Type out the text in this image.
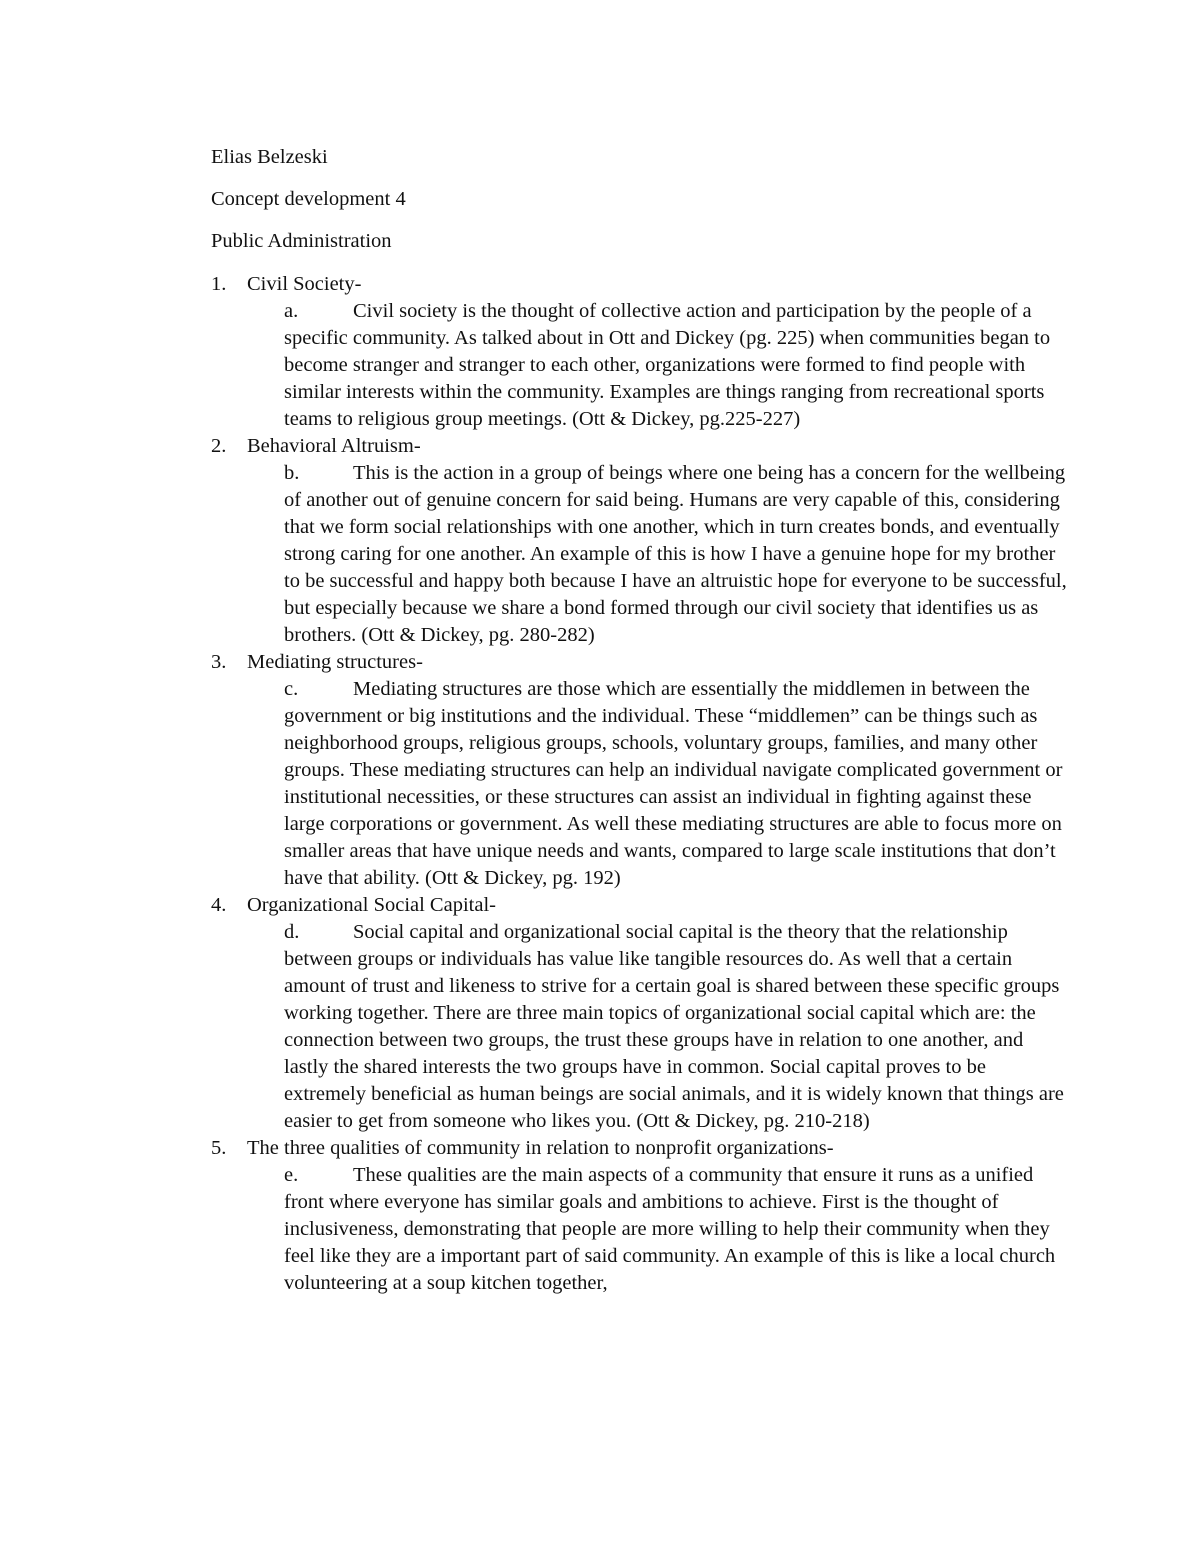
Elias Belzeski
Concept development 4
Public Administration
1. Civil Society-
a.	Civil society is the thought of collective action and participation by the people of a specific community. As talked about in Ott and Dickey (pg. 225) when communities began to become stranger and stranger to each other, organizations were formed to find people with similar interests within the community. Examples are things ranging from recreational sports teams to religious group meetings. (Ott & Dickey, pg.225-227)

2. Behavioral Altruism-
b.	This is the action in a group of beings where one being has a concern for the wellbeing of another out of genuine concern for said being. Humans are very capable of this, considering that we form social relationships with one another, which in turn creates bonds, and eventually strong caring for one another. An example of this is how I have a genuine hope for my brother to be successful and happy both because I have an altruistic hope for everyone to be successful, but especially because we share a bond formed through our civil society that identifies us as brothers. (Ott & Dickey, pg. 280-282)

3. Mediating structures-
c.	Mediating structures are those which are essentially the middlemen in between the government or big institutions and the individual. These “middlemen” can be things such as neighborhood groups, religious groups, schools, voluntary groups, families, and many other groups. These mediating structures can help an individual navigate complicated government or institutional necessities, or these structures can assist an individual in fighting against these large corporations or government. As well these mediating structures are able to focus more on smaller areas that have unique needs and wants, compared to large scale institutions that don’t have that ability. (Ott & Dickey, pg. 192)

4. Organizational Social Capital-
d.	Social capital and organizational social capital is the theory that the relationship between groups or individuals has value like tangible resources do. As well that a certain amount of trust and likeness to strive for a certain goal is shared between these specific groups working together. There are three main topics of organizational social capital which are: the connection between two groups, the trust these groups have in relation to one another, and lastly the shared interests the two groups have in common. Social capital proves to be extremely beneficial as human beings are social animals, and it is widely known that things are easier to get from someone who likes you. (Ott & Dickey, pg. 210-218)

5. The three qualities of community in relation to nonprofit organizations-
e.	These qualities are the main aspects of a community that ensure it runs as a unified front where everyone has similar goals and ambitions to achieve. First is the thought of inclusiveness, demonstrating that people are more willing to help their community when they feel like they are a important part of said community. An example of this is like a local church volunteering at a soup kitchen together,
